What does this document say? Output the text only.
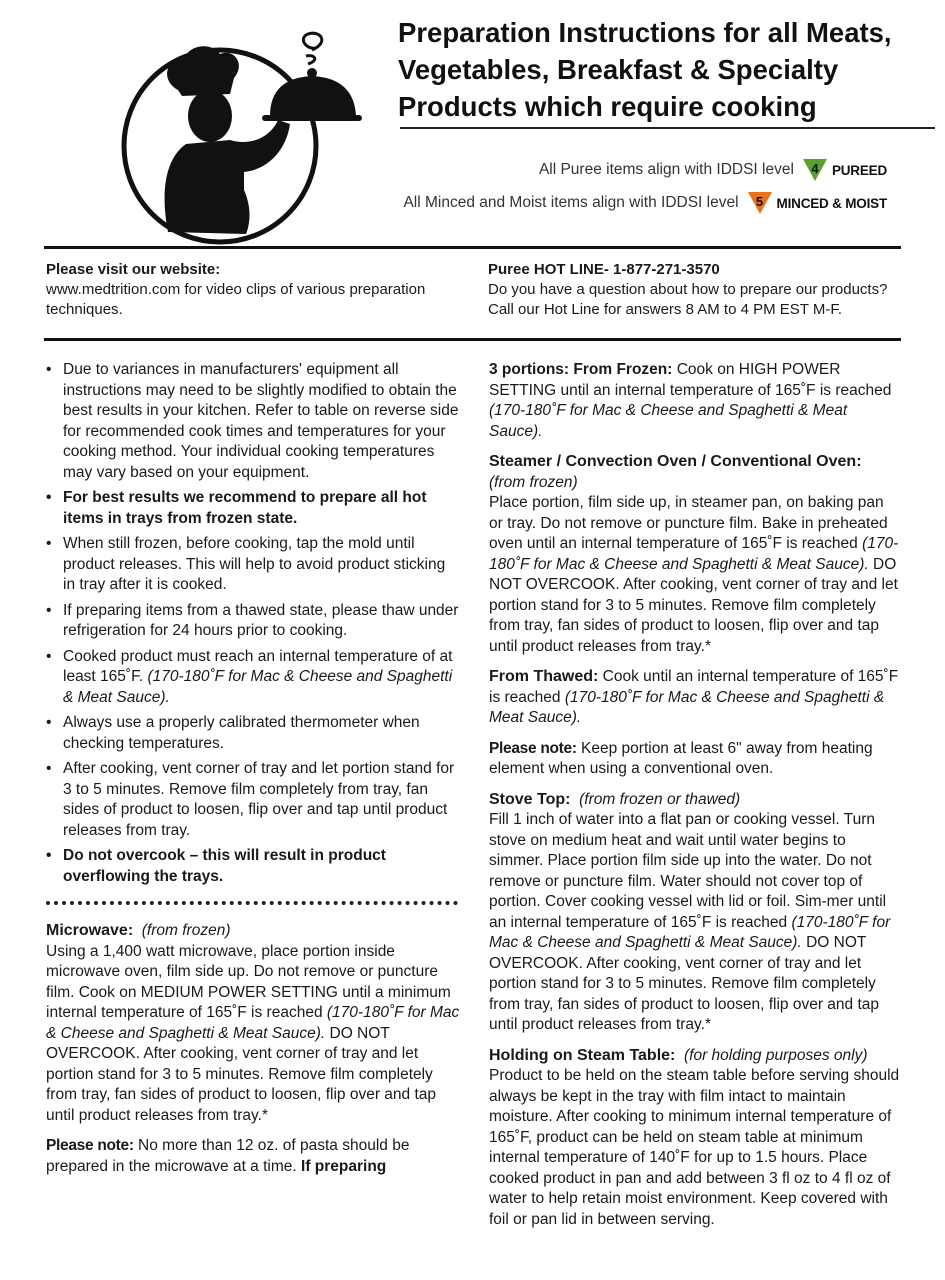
Preparation Instructions for all Meats, Vegetables, Breakfast & Specialty Products which require cooking
All Puree items align with IDDSI level	4 PUREED
All Minced and Moist items align with IDDSI level	5 MINCED & MOIST
Please visit our website:
www.medtrition.com for video clips of various preparation techniques.
Puree HOT LINE- 1-877-271-3570
Do you have a question about how to prepare our products? Call our Hot Line for answers 8 AM to 4 PM EST M-F.
• Due to variances in manufacturers' equipment all instructions may need to be slightly modified to obtain the best results in your kitchen. Refer to table on reverse side for recommended cook times and temperatures for your cooking method. Your individual cooking temperatures may vary based on your equipment.
• For best results we recommend to prepare all hot items in trays from frozen state.
• When still frozen, before cooking, tap the mold until product releases. This will help to avoid product sticking in tray after it is cooked.
• If preparing items from a thawed state, please thaw under refrigeration for 24 hours prior to cooking.
• Cooked product must reach an internal temperature of at least 165˚F. (170-180˚F for Mac & Cheese and Spaghetti & Meat Sauce).
• Always use a properly calibrated thermometer when checking temperatures.
• After cooking, vent corner of tray and let portion stand for 3 to 5 minutes. Remove film completely from tray, fan sides of product to loosen, flip over and tap until product releases from tray.
• Do not overcook – this will result in product overflowing the trays.

Microwave: (from frozen)
Using a 1,400 watt microwave, place portion inside microwave oven, film side up. Do not remove or puncture film. Cook on MEDIUM POWER SETTING until a minimum internal temperature of 165˚F is reached (170-180˚F for Mac & Cheese and Spaghetti & Meat Sauce). DO NOT OVERCOOK. After cooking, vent corner of tray and let portion stand for 3 to 5 minutes. Remove film completely from tray, fan sides of product to loosen, flip over and tap until product releases from tray.*

Please note: No more than 12 oz. of pasta should be prepared in the microwave at a time. If preparing

3 portions: From Frozen: Cook on HIGH POWER SETTING until an internal temperature of 165˚F is reached (170-180˚F for Mac & Cheese and Spaghetti & Meat Sauce).

Steamer / Convection Oven / Conventional Oven:
(from frozen)
Place portion, film side up, in steamer pan, on baking pan or tray. Do not remove or puncture film. Bake in preheated oven until an internal temperature of 165˚F is reached (170-180˚F for Mac & Cheese and Spaghetti & Meat Sauce). DO NOT OVERCOOK. After cooking, vent corner of tray and let portion stand for 3 to 5 minutes. Remove film completely from tray, fan sides of product to loosen, flip over and tap until product releases from tray.*

From Thawed: Cook until an internal temperature of 165˚F is reached (170-180˚F for Mac & Cheese and Spaghetti & Meat Sauce).

Please note: Keep portion at least 6" away from heating element when using a conventional oven.

Stove Top: (from frozen or thawed)
Fill 1 inch of water into a flat pan or cooking vessel. Turn stove on medium heat and wait until water begins to simmer. Place portion film side up into the water. Do not remove or puncture film. Water should not cover top of portion. Cover cooking vessel with lid or foil. Sim-mer until an internal temperature of 165˚F is reached (170-180˚F for Mac & Cheese and Spaghetti & Meat Sauce). DO NOT OVERCOOK. After cooking, vent corner of tray and let portion stand for 3 to 5 minutes. Remove film completely from tray, fan sides of product to loosen, flip over and tap until product releases from tray.*

Holding on Steam Table: (for holding purposes only)
Product to be held on the steam table before serving should always be kept in the tray with film intact to maintain moisture. After cooking to minimum internal temperature of 165˚F, product can be held on steam table at minimum internal temperature of 140˚F for up to 1.5 hours. Place cooked product in pan and add between 3 fl oz to 4 fl oz of water to help retain moist environment. Keep covered with foil or pan lid in between serving.
